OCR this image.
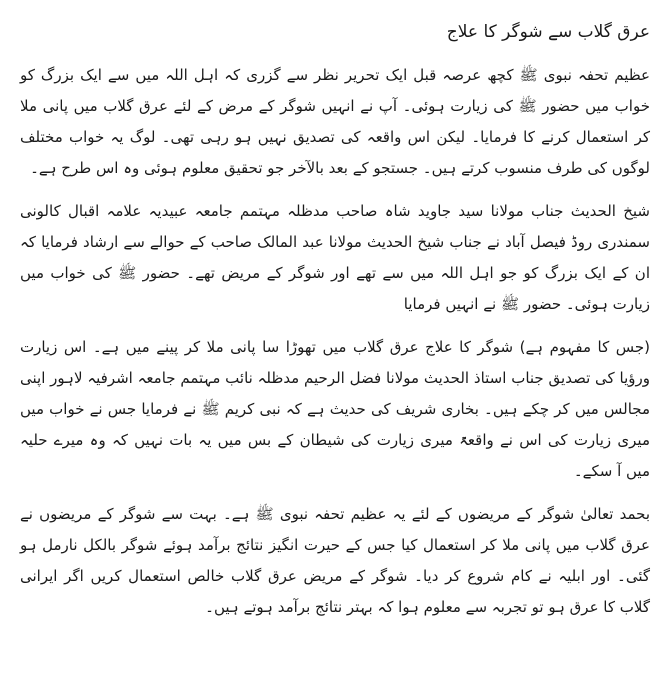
عرق گلاب سے شوگر کا علاج

عظیم تحفہ نبوی ﷺ کچھ عرصہ قبل ایک تحریر نظر سے گزری کہ اہل اللہ میں سے ایک بزرگ کو خواب میں حضور ﷺ کی زیارت ہوئی۔ آپ نے انہیں شوگر کے مرض کے لئے عرق گلاب میں پانی ملا کر استعمال کرنے کا فرمایا۔ لیکن اس واقعہ کی تصدیق نہیں ہو رہی تھی۔ لوگ یہ خواب مختلف لوگوں کی طرف منسوب کرتے ہیں۔ جستجو کے بعد بالآخر جو تحقیق معلوم ہوئی وہ اس طرح ہے۔

شیخ الحدیث جناب مولانا سید جاوید شاہ صاحب مدظلہ مہتمم جامعہ عبیدیہ علامہ اقبال کالونی سمندری روڈ فیصل آباد نے جناب شیخ الحدیث مولانا عبد المالک صاحب کے حوالے سے ارشاد فرمایا کہ ان کے ایک بزرگ کو جو اہل اللہ میں سے تھے اور شوگر کے مریض تھے۔ حضور ﷺ کی خواب میں زیارت ہوئی۔ حضور ﷺ نے انہیں فرمایا

(جس کا مفہوم ہے) شوگر کا علاج عرق گلاب میں تھوڑا سا پانی ملا کر پینے میں ہے۔ اس زیارت ورؤیا کی تصدیق جناب استاذ الحدیث مولانا فضل الرحیم مدظلہ نائب مہتمم جامعہ اشرفیہ لاہور اپنی مجالس میں کر چکے ہیں۔ بخاری شریف کی حدیث ہے کہ نبی کریم ﷺ نے فرمایا جس نے خواب میں میری زیارت کی اس نے واقعۃً میری زیارت کی شیطان کے بس میں یہ بات نہیں کہ وہ میرے حلیہ میں آ سکے۔

بحمد تعالیٰ شوگر کے مریضوں کے لئے یہ عظیم تحفہ نبوی ﷺ ہے۔ بہت سے شوگر کے مریضوں نے عرق گلاب میں پانی ملا کر استعمال کیا جس کے حیرت انگیز نتائج برآمد ہوئے شوگر بالکل نارمل ہو گئی۔ اور ابلیہ نے کام شروع کر دیا۔ شوگر کے مریض عرق گلاب خالص استعمال کریں اگر ایرانی گلاب کا عرق ہو تو تجربہ سے معلوم ہوا کہ بہتر نتائج برآمد ہوتے ہیں۔
